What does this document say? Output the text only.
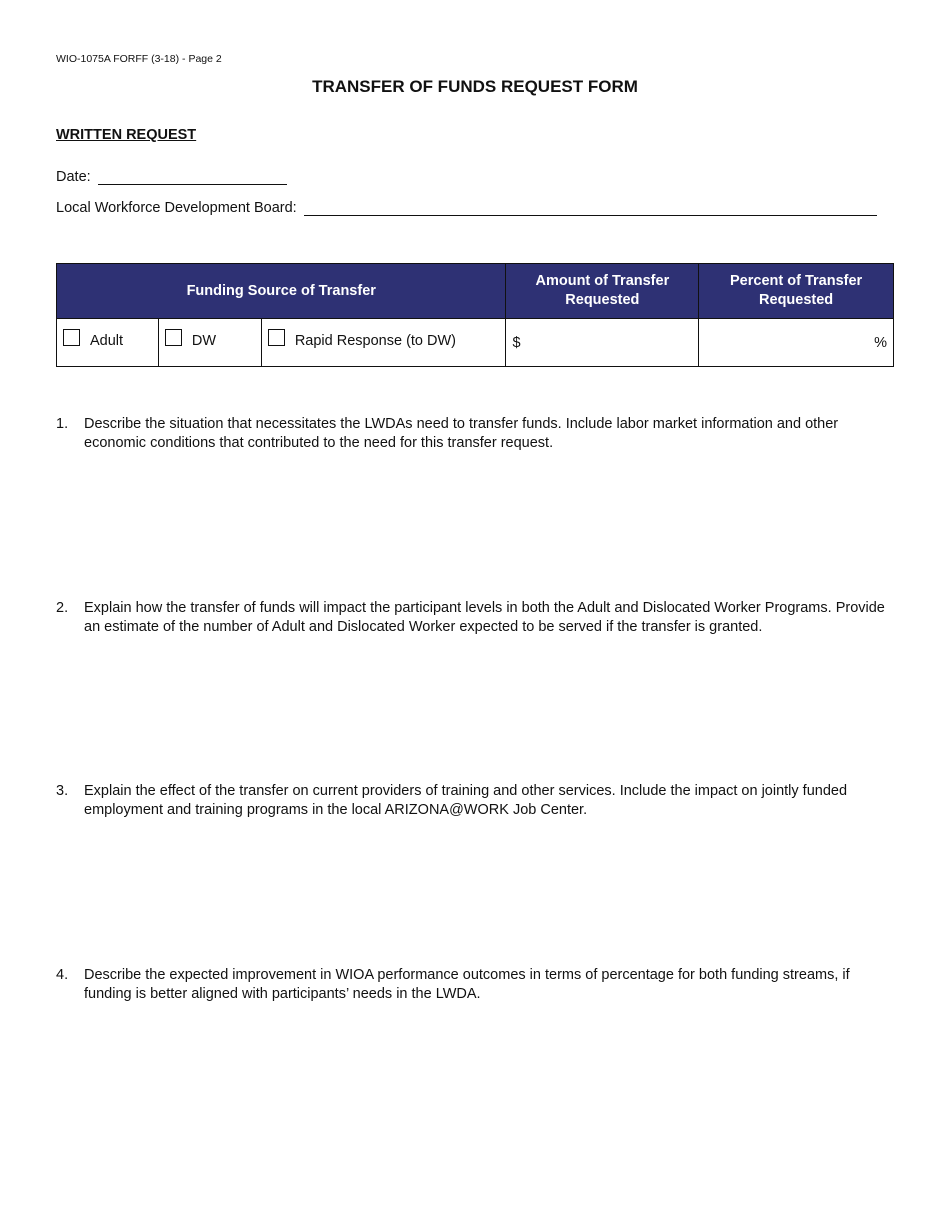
WIO-1075A FORFF (3-18) - Page 2
TRANSFER OF FUNDS REQUEST FORM
WRITTEN REQUEST
Date:
Local Workforce Development Board:
Funding Source of Transfer			Amount of Transfer Requested	Percent of Transfer Requested

Adult	DW	Rapid Response (to DW)	$	%
1.	Describe the situation that necessitates the LWDAs need to transfer funds. Include labor market information and other economic conditions that contributed to the need for this transfer request.
2.	Explain how the transfer of funds will impact the participant levels in both the Adult and Dislocated Worker Programs. Provide an estimate of the number of Adult and Dislocated Worker expected to be served if the transfer is granted.
3.	Explain the effect of the transfer on current providers of training and other services. Include the impact on jointly funded employment and training programs in the local ARIZONA@WORK Job Center.
4.	Describe the expected improvement in WIOA performance outcomes in terms of percentage for both funding streams, if funding is better aligned with participants’ needs in the LWDA.
